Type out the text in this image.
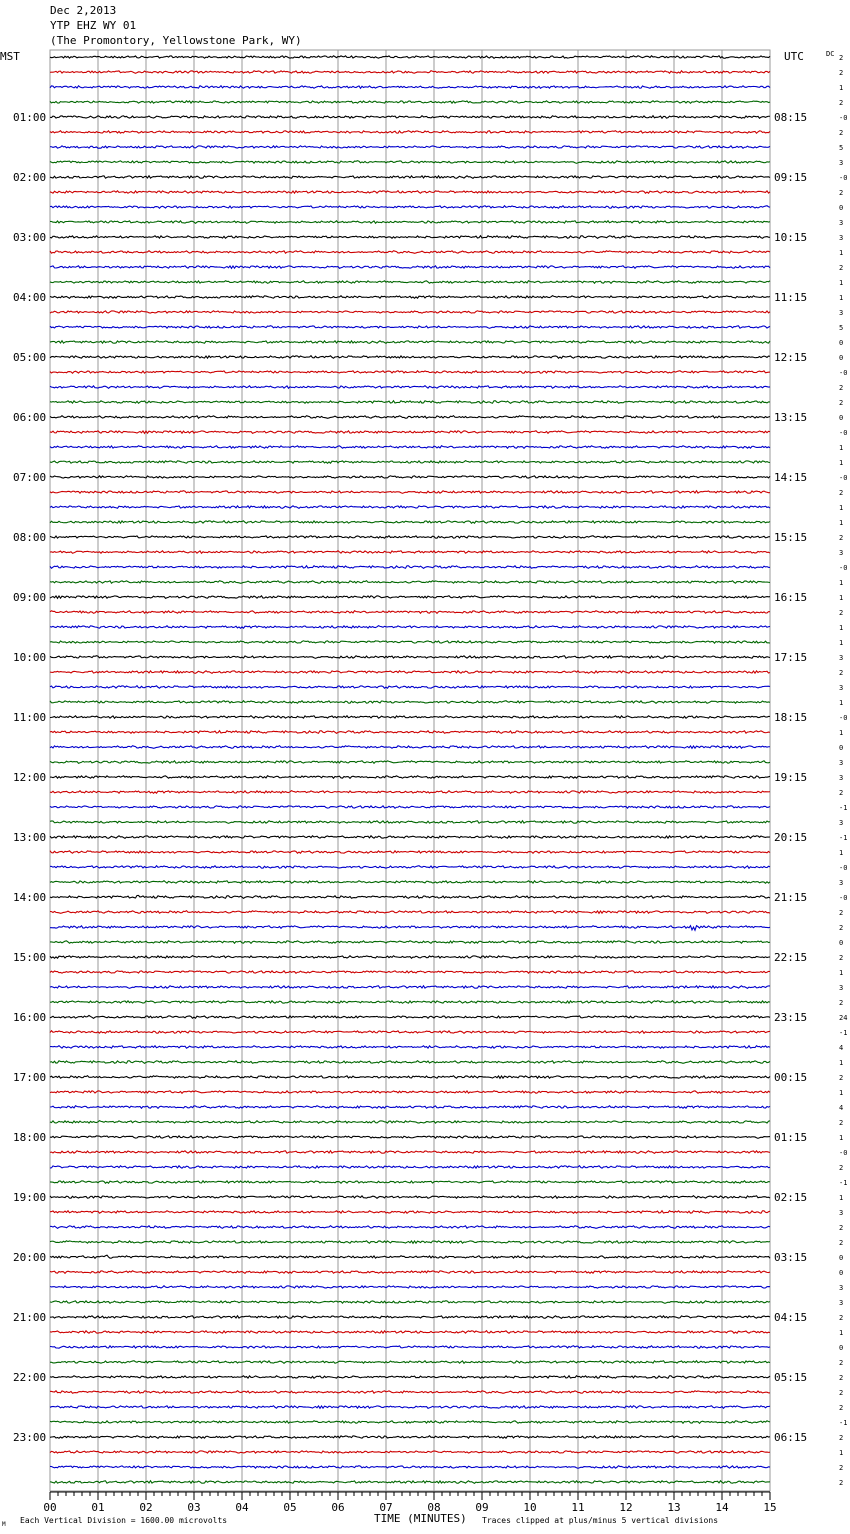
Dec 2,2013
YTP EHZ WY 01
(The Promontory, Yellowstone Park, WY)
00	01	02	03	04	05	06	07	08	09	10	11	12	13	14	15
2
2
1
2
-0
2
5
3
-0
2
0
3
3
1
2
1
1
3
5
0
0
-0
2
2
0
-0
1
1
-0
2
1
1
2
3
-0
1
1
2
1
1
3
2
3
1
-0
1
0
3
3
2
-1
3
-1
1
-0
3
-0
2
2
0
2
1
3
2
24
-1
4
1
2
1
4
2
1
-0
2
-1
1
3
2
2
0
0
3
3
2
1
0
2
2
2
2
-1
2
1
2
2
01:00
02:00
03:00
04:00
05:00
06:00
07:00
08:00
09:00
10:00
11:00
12:00
13:00
14:00
15:00
16:00
17:00
18:00
19:00
20:00
21:00
22:00
23:00
08:15
09:15
10:15
11:15
12:15
13:15
14:15
15:15
16:15
17:15
18:15
19:15
20:15
21:15
22:15
23:15
00:15
01:15
02:15
03:15
04:15
05:15
06:15
MST	UTC	DC
TIME (MINUTES)
M Each Vertical Division = 1600.00 microvolts	Traces clipped at plus/minus 5 vertical divisions
